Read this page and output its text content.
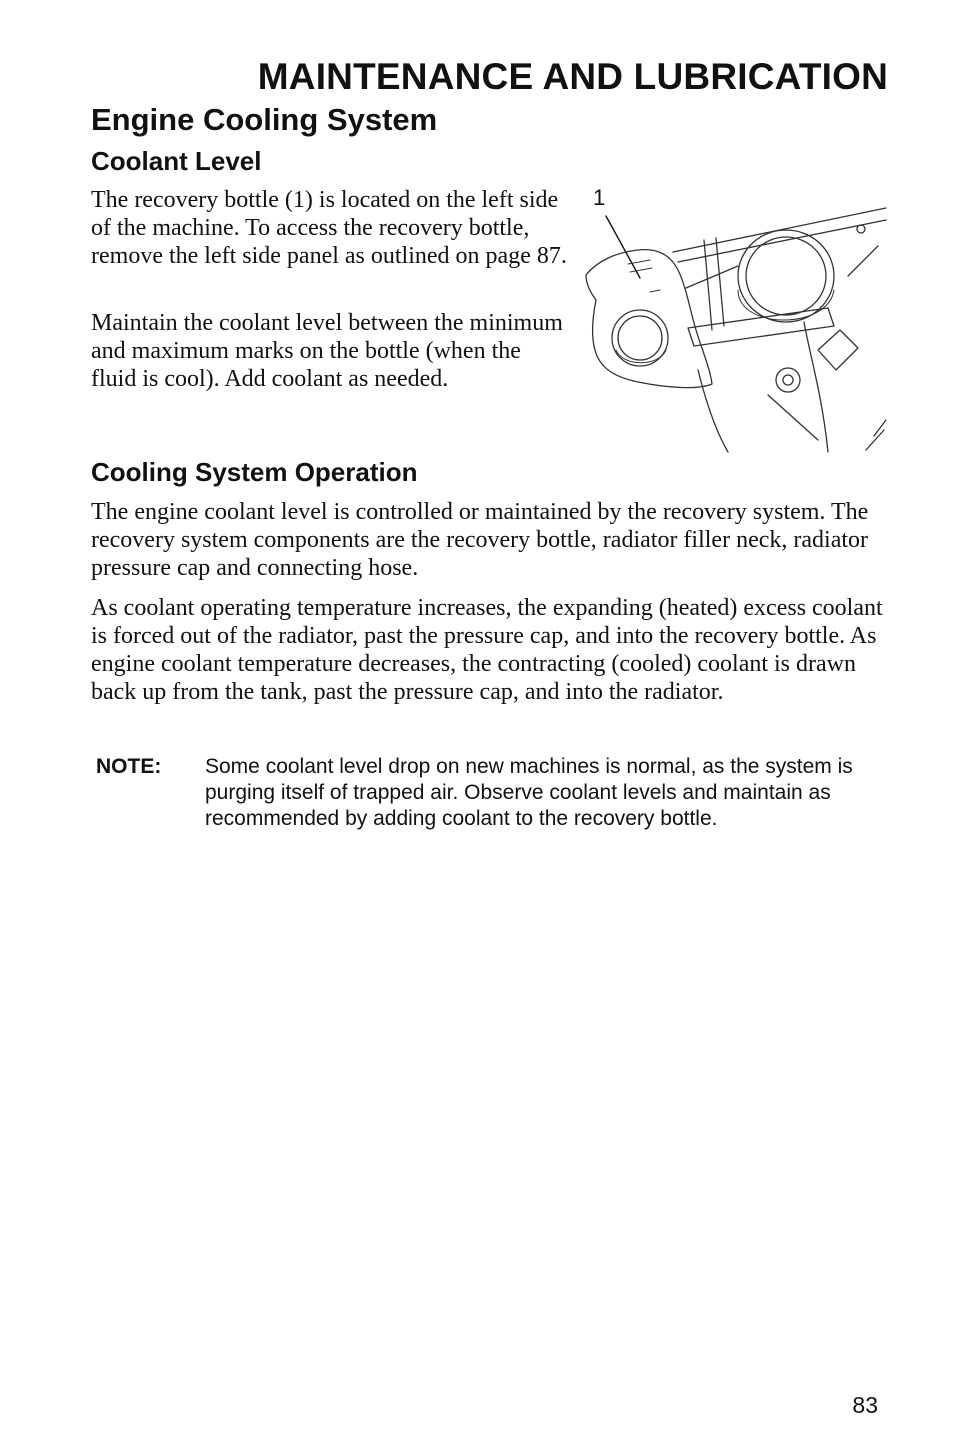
MAINTENANCE AND LUBRICATION
Engine Cooling System
Coolant Level

The recovery bottle (1) is located on the left side of the machine. To access the recovery bottle, remove the left side panel as outlined on page 87.

Maintain the coolant level between the minimum and maximum marks on the bottle (when the fluid is cool). Add coolant as needed.

1
Cooling System Operation

The engine coolant level is controlled or maintained by the recovery system. The recovery system components are the recovery bottle, radiator filler neck, radiator pressure cap and connecting hose.

As coolant operating temperature increases, the expanding (heated) excess coolant is forced out of the radiator, past the pressure cap, and into the recovery bottle. As engine coolant temperature decreases, the contracting (cooled) coolant is drawn back up from the tank, past the pressure cap, and into the radiator.

NOTE: Some coolant level drop on new machines is normal, as the system is purging itself of trapped air. Observe coolant levels and maintain as recommended by adding coolant to the recovery bottle.
83
